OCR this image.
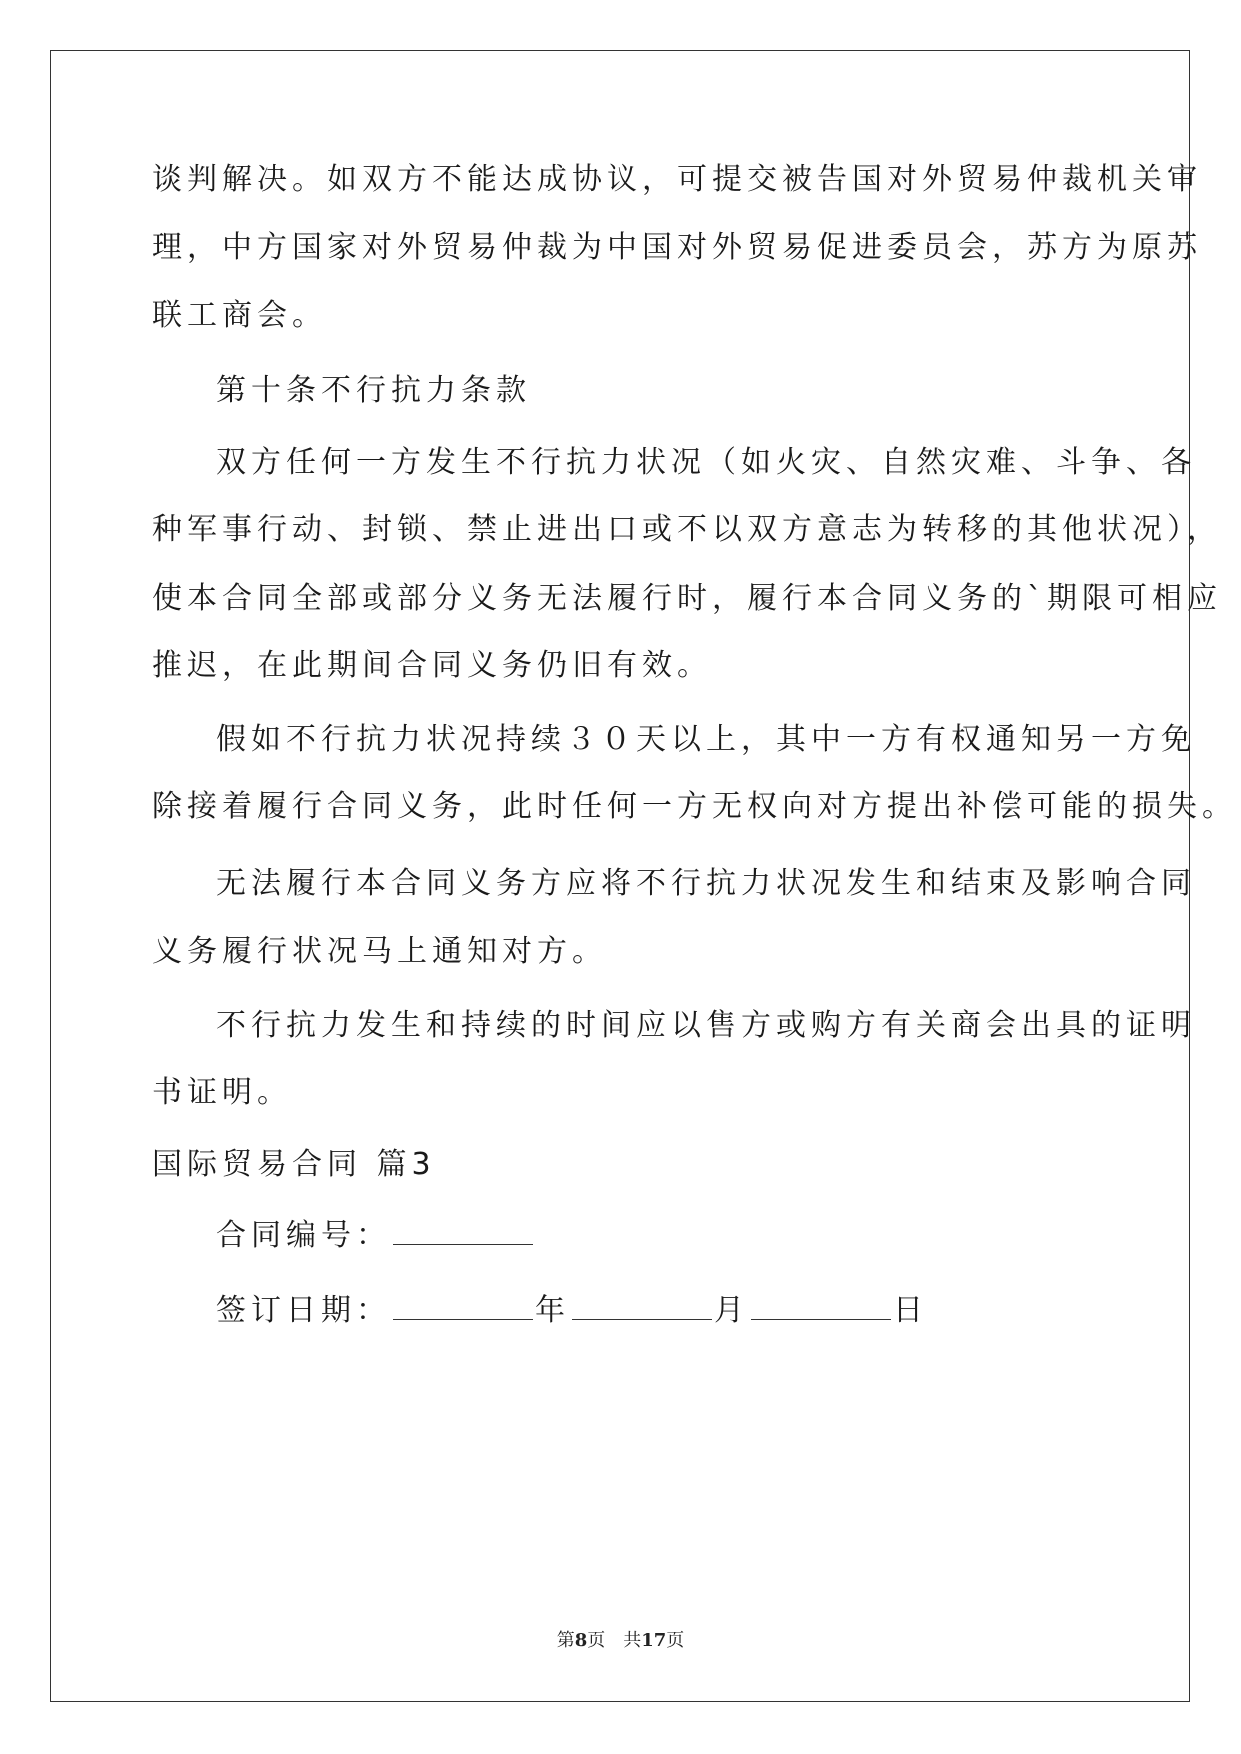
谈判解决。如双方不能达成协议，可提交被告国对外贸易仲裁机关审
理，中方国家对外贸易仲裁为中国对外贸易促进委员会，苏方为原苏
联工商会。
第十条不行抗力条款
双方任何一方发生不行抗力状况（如火灾、自然灾难、斗争、各
种军事行动、封锁、禁止进出口或不以双方意志为转移的其他状况），
使本合同全部或部分义务无法履行时，履行本合同义务的`期限可相应
推迟，在此期间合同义务仍旧有效。
假如不行抗力状况持续３０天以上，其中一方有权通知另一方免
除接着履行合同义务，此时任何一方无权向对方提出补偿可能的损失。
无法履行本合同义务方应将不行抗力状况发生和结束及影响合同
义务履行状况马上通知对方。
不行抗力发生和持续的时间应以售方或购方有关商会出具的证明
书证明。
国际贸易合同 篇3
合同编号：
签订日期：	年	月	日
第8页　共17页
